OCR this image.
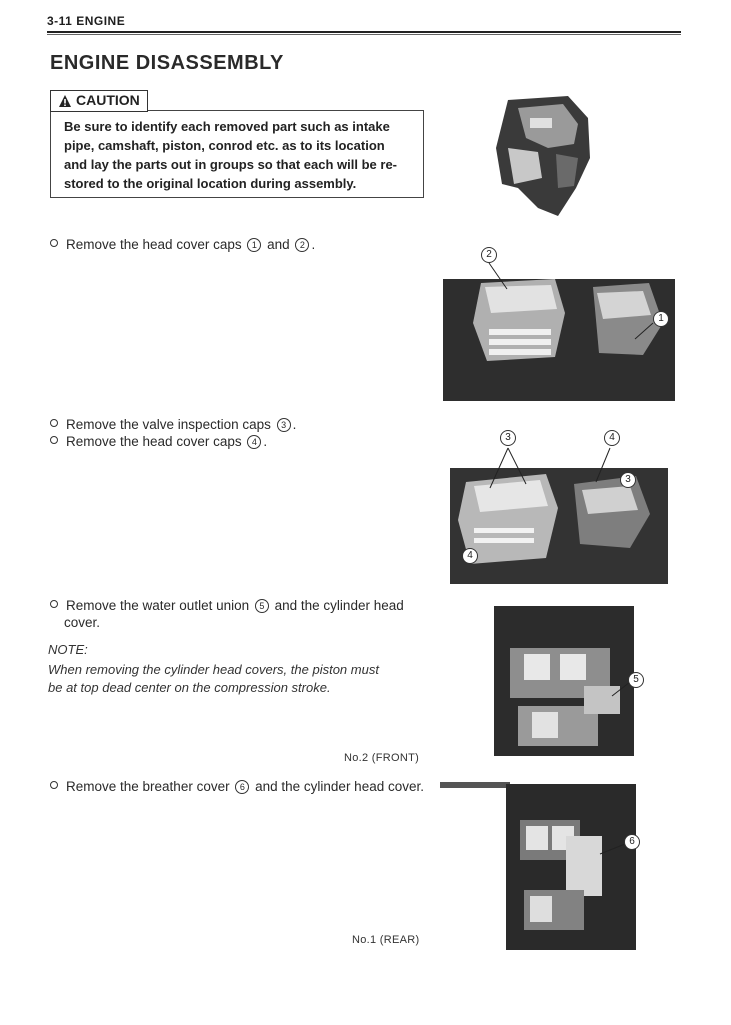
3-11 ENGINE
ENGINE DISASSEMBLY
CAUTION
Be sure to identify each removed part such as intake
pipe, camshaft, piston, conrod etc. as to its location
and lay the parts out in groups so that each will be re-
stored to the original location during assembly.
Remove the head cover caps 1 and 2 .
2
1
Remove the valve inspection caps 3 .
Remove the head cover caps 4 .	3	4
3
4
Remove the water outlet union 5 and the cylinder head
cover.
NOTE:
When removing the cylinder head covers, the piston must
be at top dead center on the compression stroke.
5
No.2 (FRONT)
Remove the breather cover 6 and the cylinder head cover.
6
No.1 (REAR)
